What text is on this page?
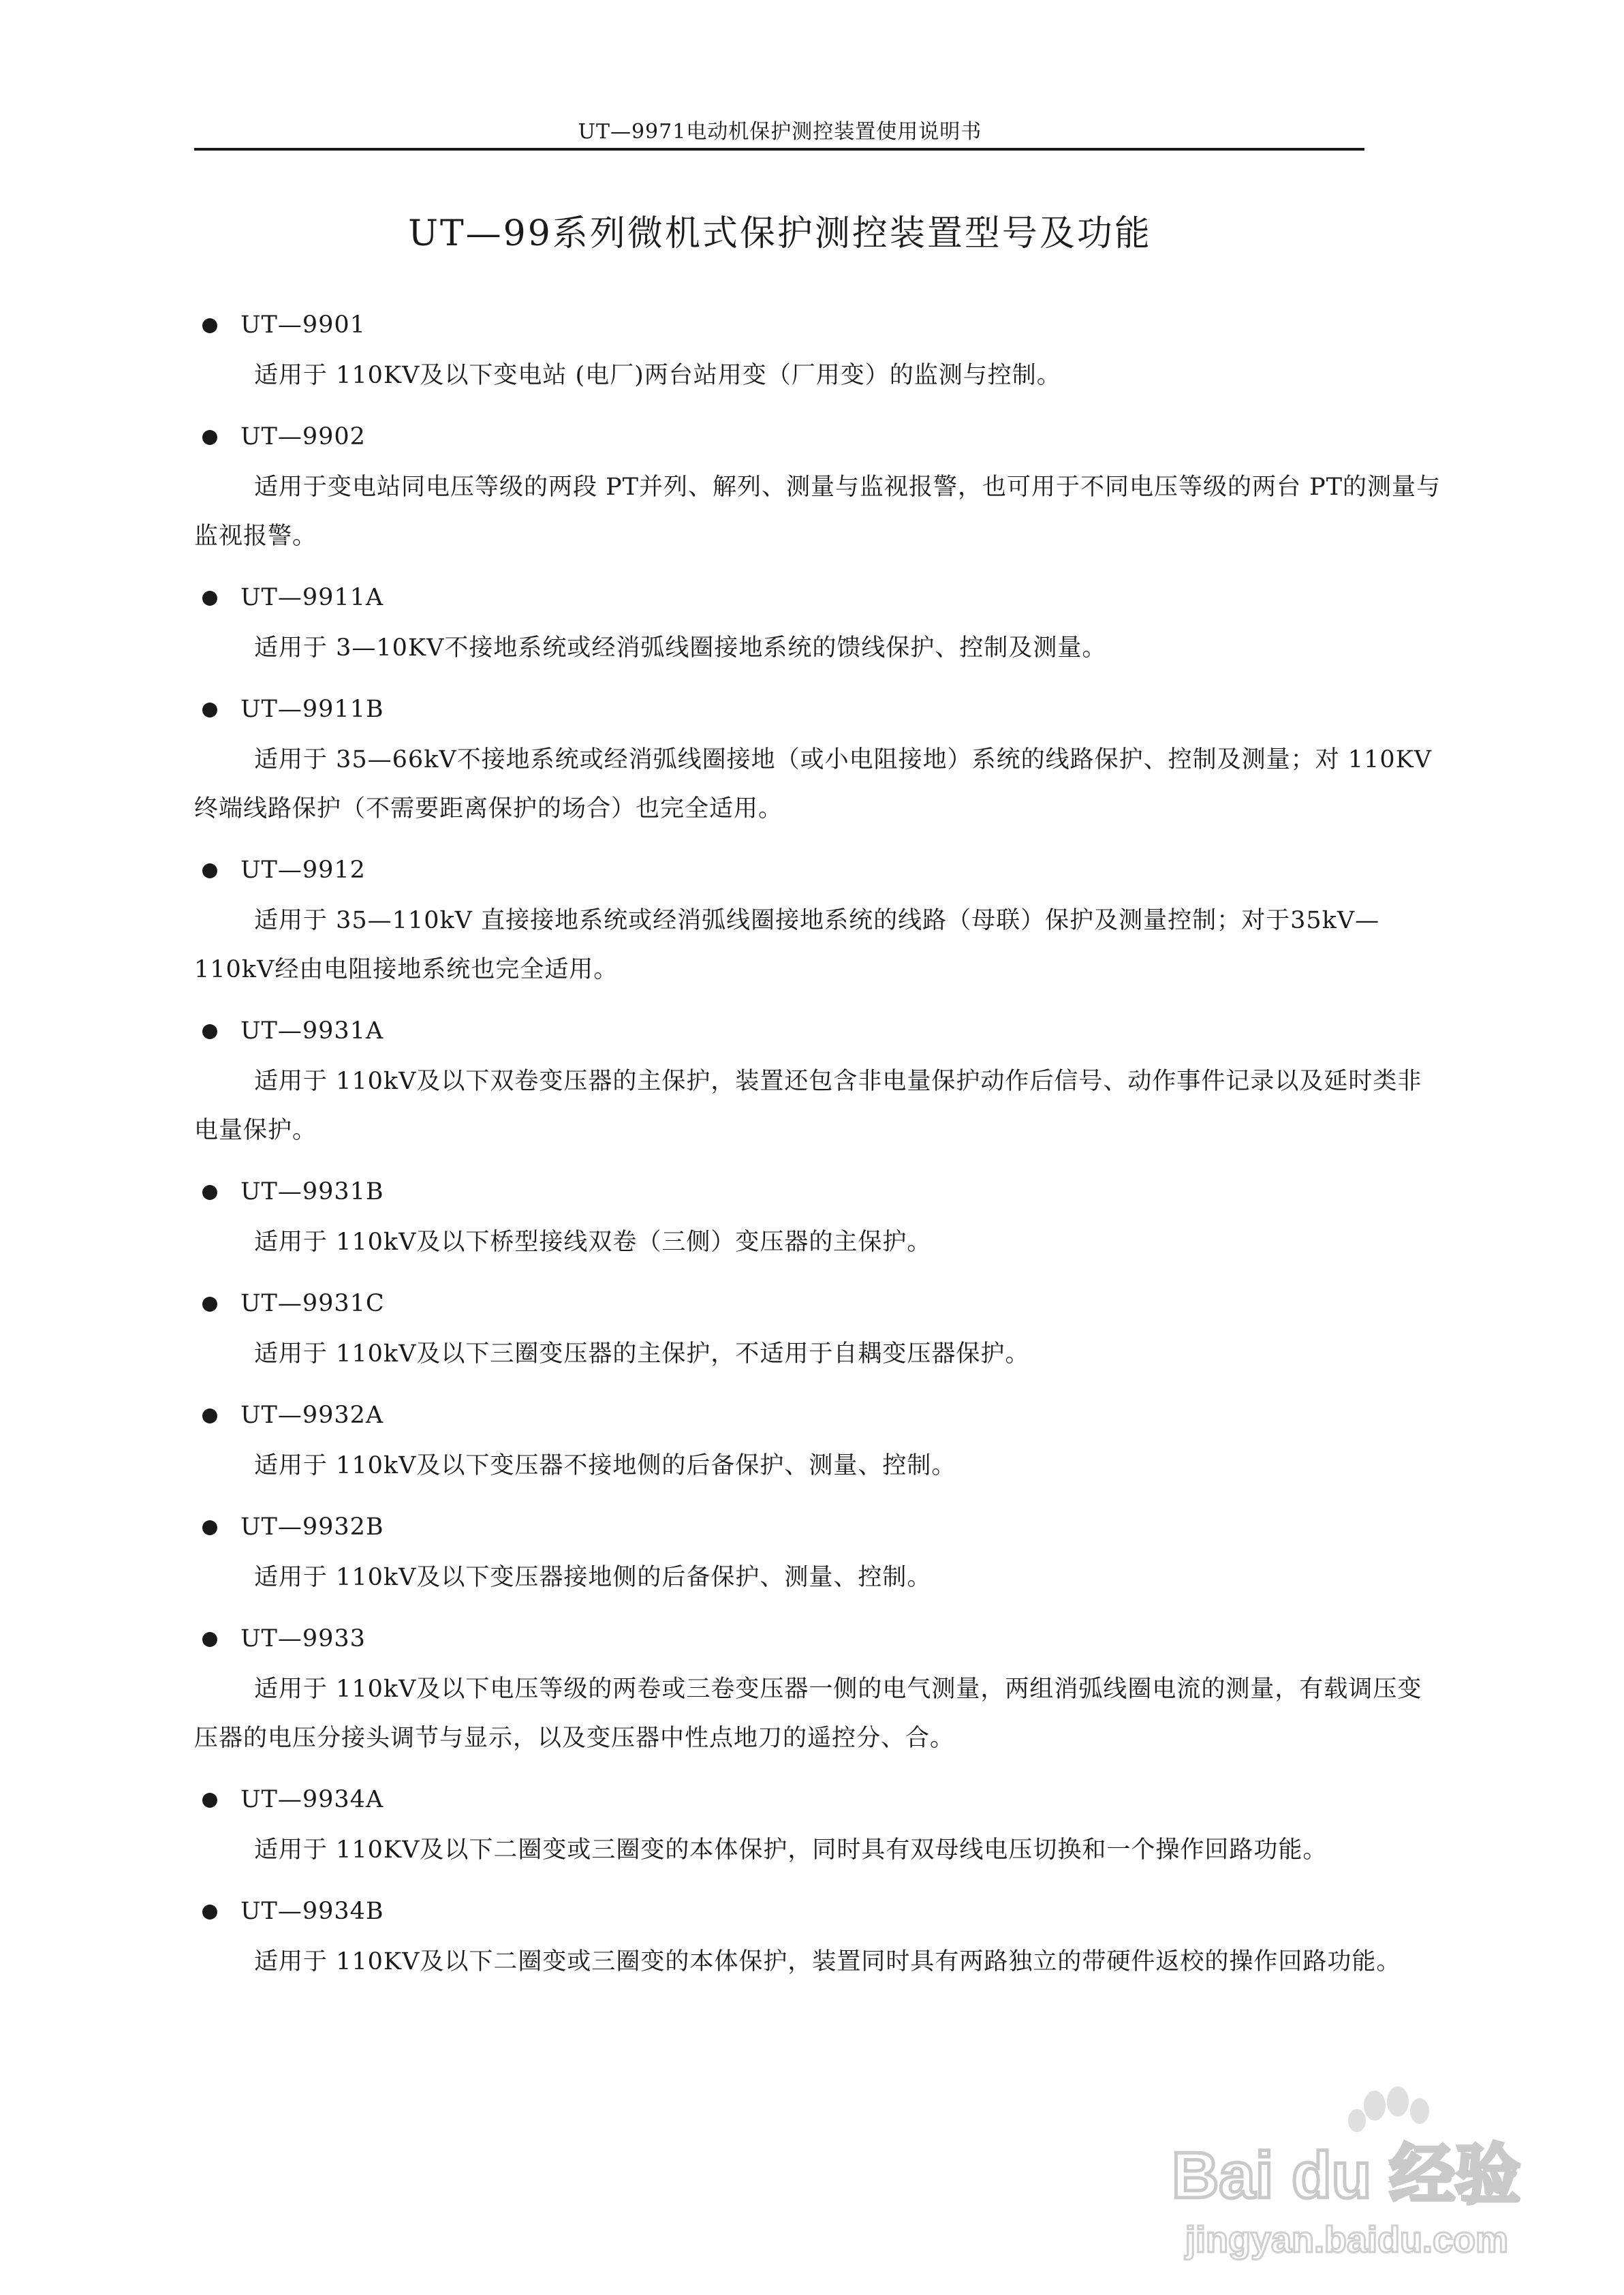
UT—9971电动机保护测控装置使用说明书
UT—99系列微机式保护测控装置型号及功能
UT—9901
适用于 110KV及以下变电站 (电厂)两台站用变（厂用变）的监测与控制。
UT—9902
适用于变电站同电压等级的两段 PT并列、解列、测量与监视报警，也可用于不同电压等级的两台 PT的测量与监视报警。
UT—9911A
适用于 3—10KV不接地系统或经消弧线圈接地系统的馈线保护、控制及测量。
UT—9911B
适用于 35—66kV不接地系统或经消弧线圈接地（或小电阻接地）系统的线路保护、控制及测量；对 110KV终端线路保护（不需要距离保护的场合）也完全适用。
UT—9912
适用于 35—110kV 直接接地系统或经消弧线圈接地系统的线路（母联）保护及测量控制；对于35kV—110kV经由电阻接地系统也完全适用。
UT—9931A
适用于 110kV及以下双卷变压器的主保护，装置还包含非电量保护动作后信号、动作事件记录以及延时类非电量保护。
UT—9931B
适用于 110kV及以下桥型接线双卷（三侧）变压器的主保护。
UT—9931C
适用于 110kV及以下三圈变压器的主保护，不适用于自耦变压器保护。
UT—9932A
适用于 110kV及以下变压器不接地侧的后备保护、测量、控制。
UT—9932B
适用于 110kV及以下变压器接地侧的后备保护、测量、控制。
UT—9933
适用于 110kV及以下电压等级的两卷或三卷变压器一侧的电气测量，两组消弧线圈电流的测量，有载调压变压器的电压分接头调节与显示，以及变压器中性点地刀的遥控分、合。
UT—9934A
适用于 110KV及以下二圈变或三圈变的本体保护，同时具有双母线电压切换和一个操作回路功能。
UT—9934B
适用于 110KV及以下二圈变或三圈变的本体保护，装置同时具有两路独立的带硬件返校的操作回路功能。
Bai du 经验
jingyan.baidu.com
